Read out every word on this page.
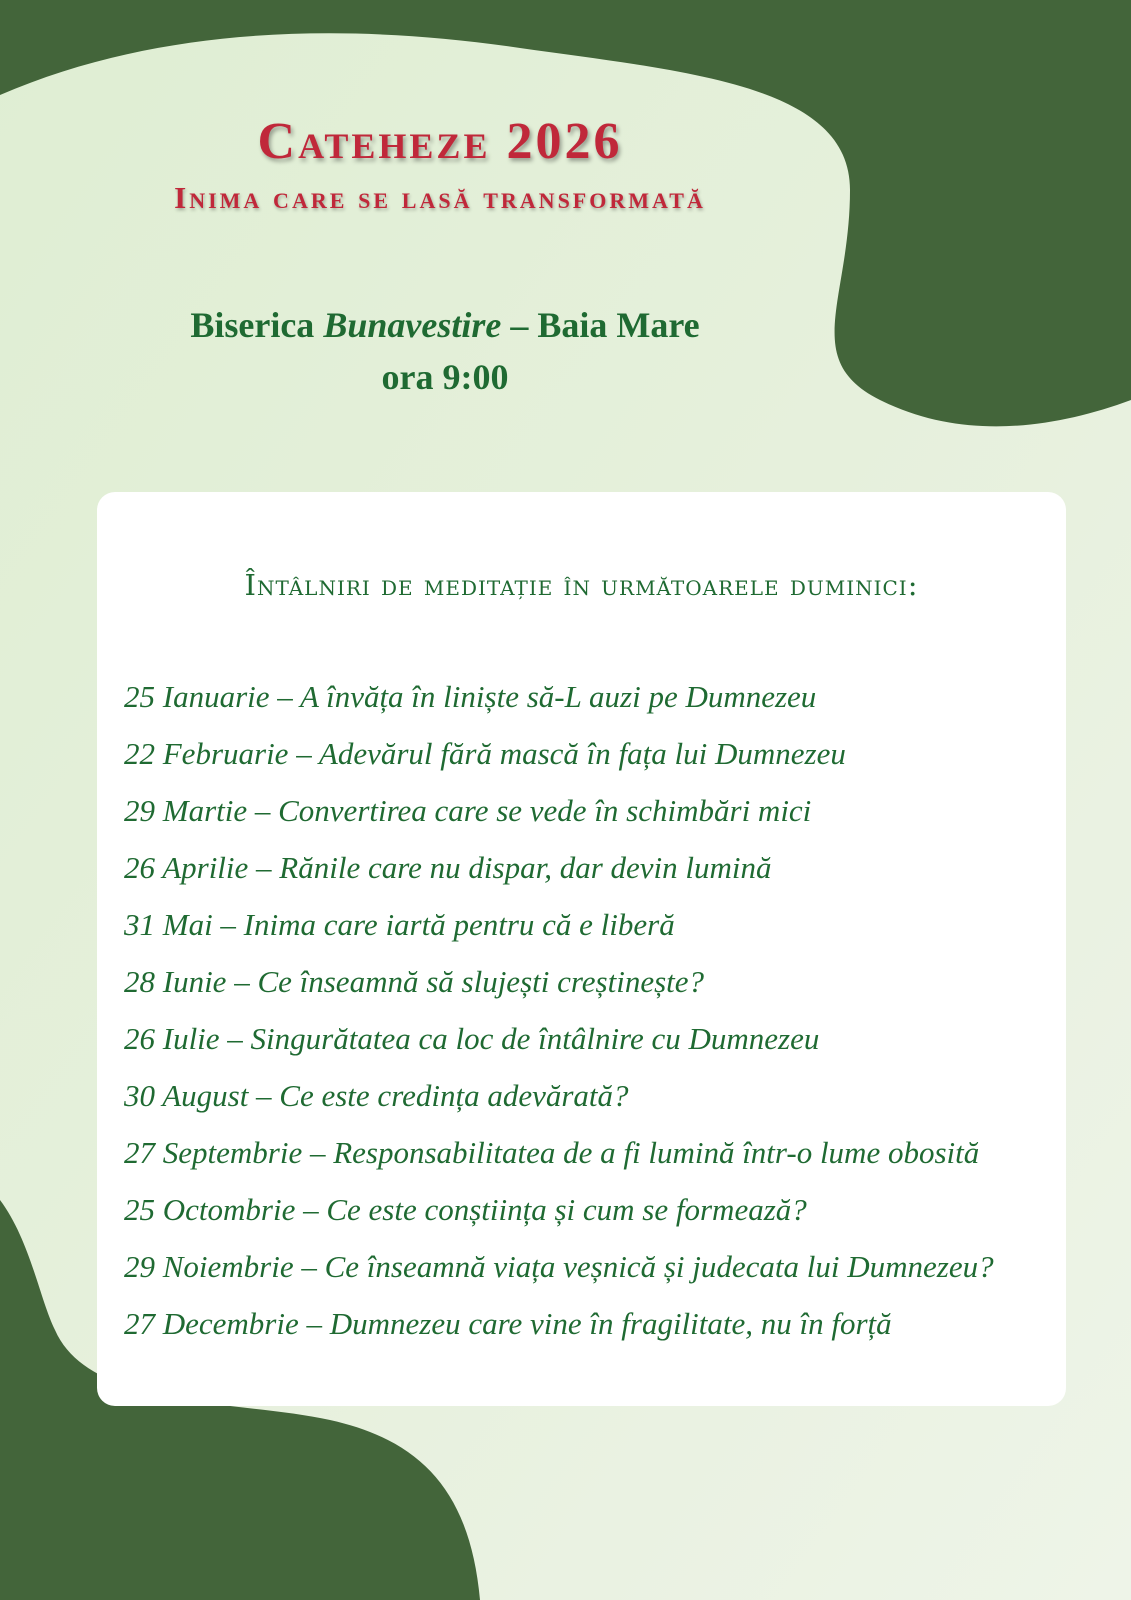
Cateheze 2026
Inima care se lasă transformată
Biserica Bunavestire – Baia Mare
ora 9:00
Întâlniri de meditație în următoarele duminici:
25 Ianuarie – A învăța în liniște să-L auzi pe Dumnezeu
22 Februarie – Adevărul fără mască în fața lui Dumnezeu
29 Martie – Convertirea care se vede în schimbări mici
26 Aprilie – Rănile care nu dispar, dar devin lumină
31 Mai – Inima care iartă pentru că e liberă
28 Iunie – Ce înseamnă să slujești creștinește?
26 Iulie – Singurătatea ca loc de întâlnire cu Dumnezeu
30 August – Ce este credința adevărată?
27 Septembrie – Responsabilitatea de a fi lumină într-o lume obosită
25 Octombrie – Ce este conștiința și cum se formează?
29 Noiembrie – Ce înseamnă viața veșnică și judecata lui Dumnezeu?
27 Decembrie – Dumnezeu care vine în fragilitate, nu în forță
